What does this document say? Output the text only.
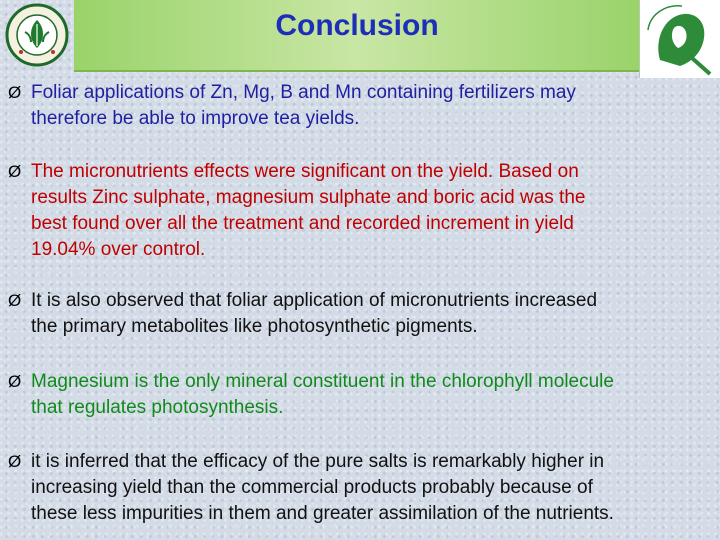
Conclusion
Ø Foliar applications of Zn, Mg, B and Mn containing fertilizers may
therefore be able to improve tea yields.
Ø The micronutrients effects were significant on the yield. Based on
results Zinc sulphate, magnesium sulphate and boric acid was the
best found over all the treatment and recorded increment in yield
19.04% over control.
Ø It is also observed that foliar application of micronutrients increased
the primary metabolites like photosynthetic pigments.
Ø Magnesium is the only mineral constituent in the chlorophyll molecule
that regulates photosynthesis.
Ø it is inferred that the efficacy of the pure salts is remarkably higher in
increasing yield than the commercial products probably because of
these less impurities in them and greater assimilation of the nutrients.
